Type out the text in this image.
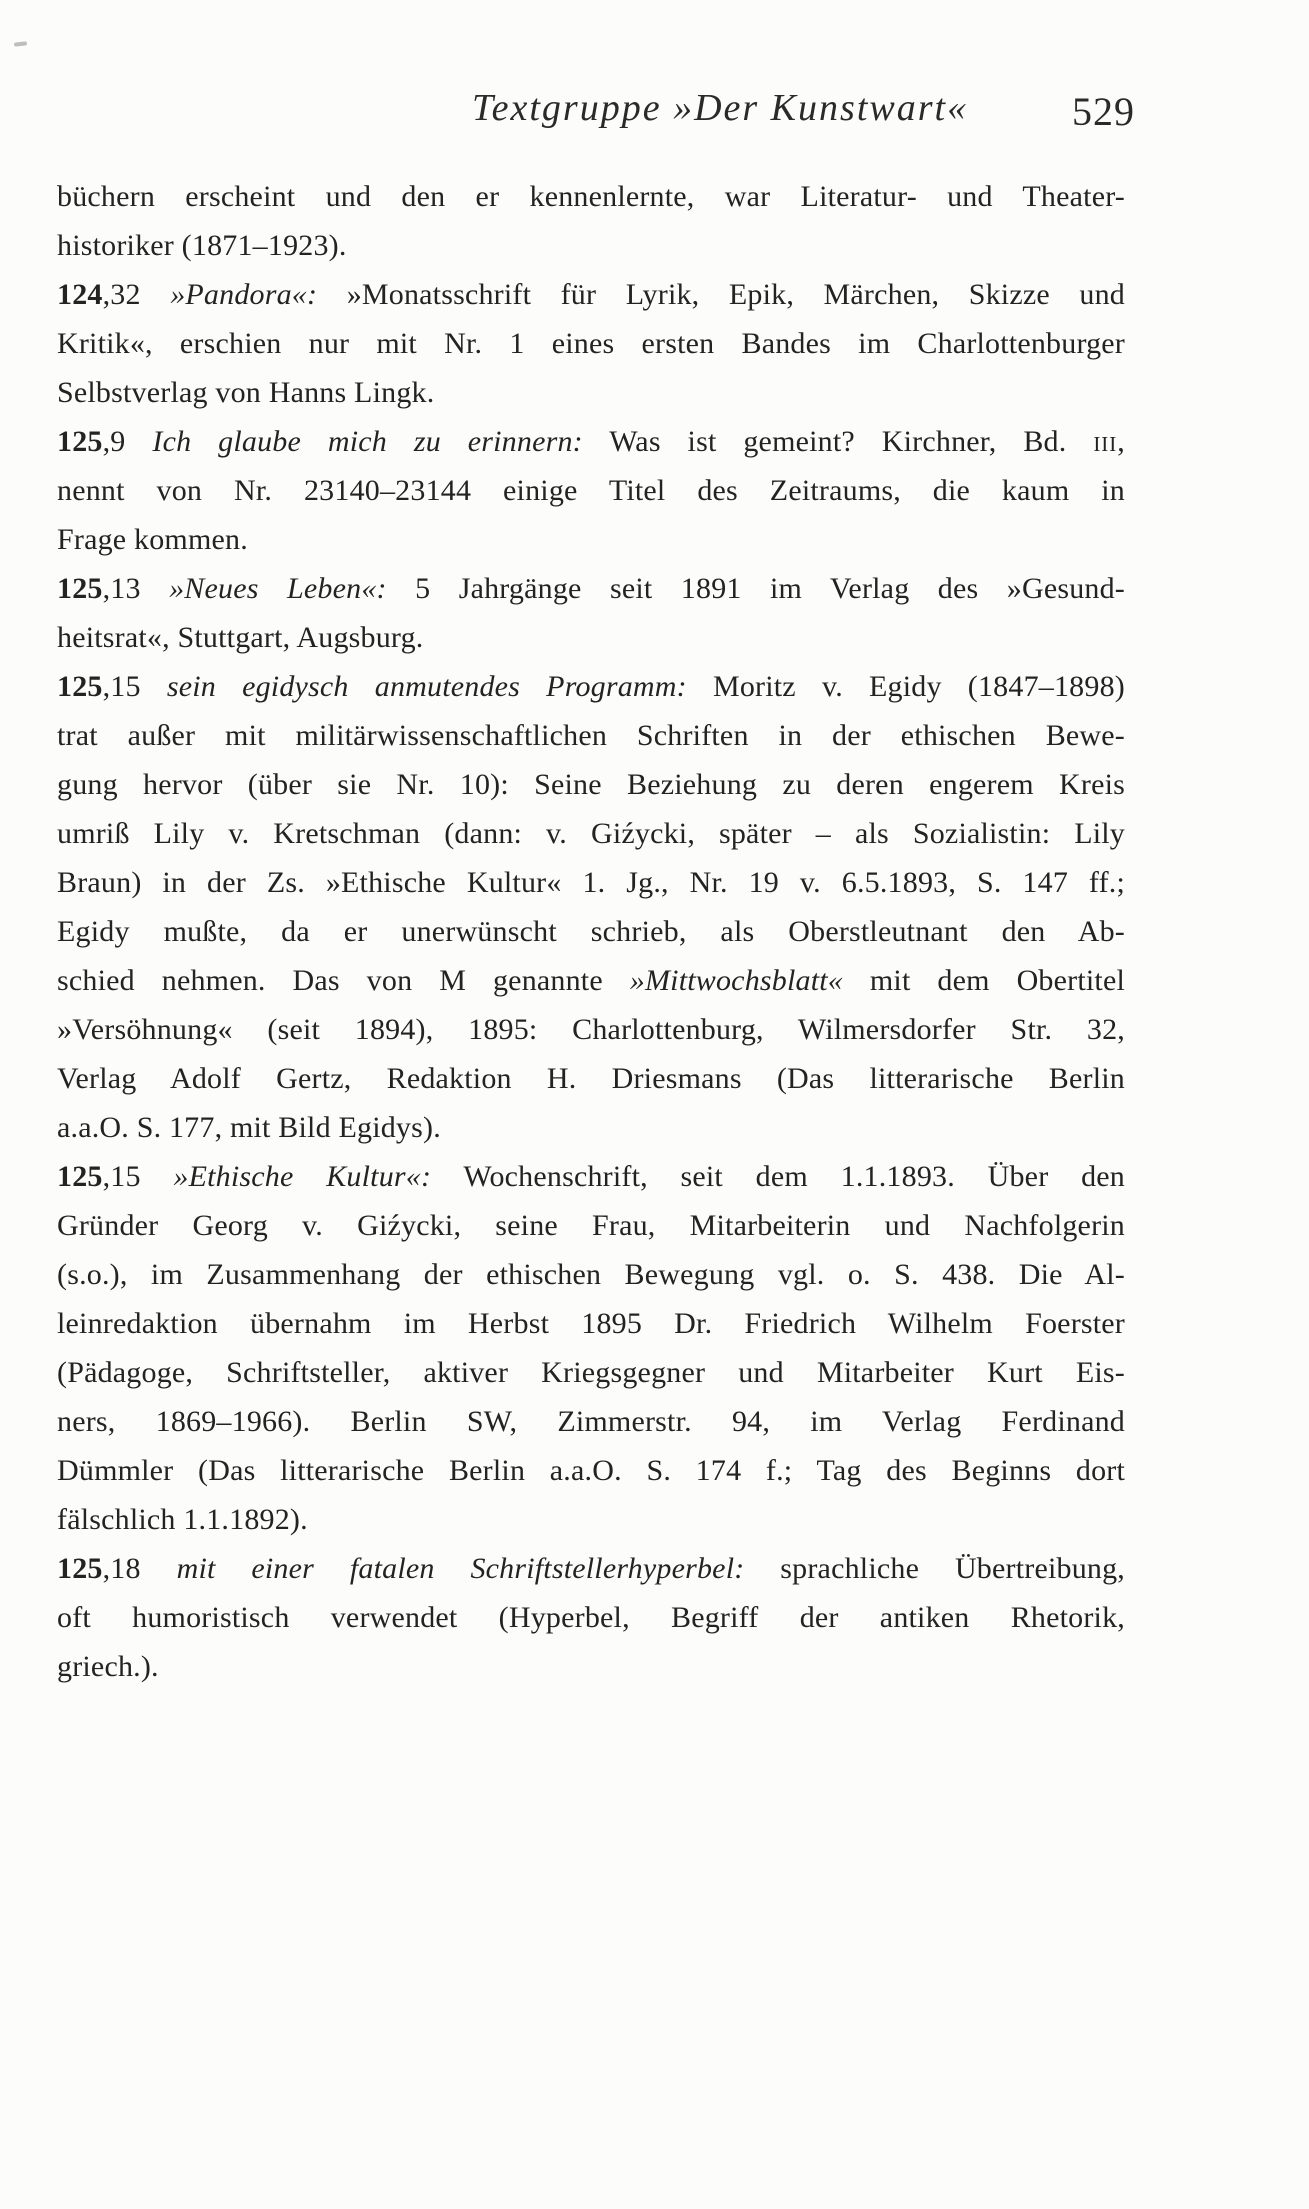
Textgruppe »Der Kunstwart«	529
büchern erscheint und den er kennenlernte, war Literatur- und Theater-
historiker (1871–1923).
124,32 »Pandora«: »Monatsschrift für Lyrik, Epik, Märchen, Skizze und
Kritik«, erschien nur mit Nr. 1 eines ersten Bandes im Charlottenburger
Selbstverlag von Hanns Lingk.
125,9 Ich glaube mich zu erinnern: Was ist gemeint? Kirchner, Bd. iii,
nennt von Nr. 23140–23144 einige Titel des Zeitraums, die kaum in
Frage kommen.
125,13 »Neues Leben«: 5 Jahrgänge seit 1891 im Verlag des »Gesund-
heitsrat«, Stuttgart, Augsburg.
125,15 sein egidysch anmutendes Programm: Moritz v. Egidy (1847–1898)
trat außer mit militärwissenschaftlichen Schriften in der ethischen Bewe-
gung hervor (über sie Nr. 10): Seine Beziehung zu deren engerem Kreis
umriß Lily v. Kretschman (dann: v. Giźycki, später – als Sozialistin: Lily
Braun) in der Zs. »Ethische Kultur« 1. Jg., Nr. 19 v. 6.5.1893, S. 147 ff.;
Egidy mußte, da er unerwünscht schrieb, als Oberstleutnant den Ab-
schied nehmen. Das von M genannte »Mittwochsblatt« mit dem Obertitel
»Versöhnung« (seit 1894), 1895: Charlottenburg, Wilmersdorfer Str. 32,
Verlag Adolf Gertz, Redaktion H. Driesmans (Das litterarische Berlin
a.a.O. S. 177, mit Bild Egidys).
125,15 »Ethische Kultur«: Wochenschrift, seit dem 1.1.1893. Über den
Gründer Georg v. Giźycki, seine Frau, Mitarbeiterin und Nachfolgerin
(s.o.), im Zusammenhang der ethischen Bewegung vgl. o. S. 438. Die Al-
leinredaktion übernahm im Herbst 1895 Dr. Friedrich Wilhelm Foerster
(Pädagoge, Schriftsteller, aktiver Kriegsgegner und Mitarbeiter Kurt Eis-
ners, 1869–1966). Berlin SW, Zimmerstr. 94, im Verlag Ferdinand
Dümmler (Das litterarische Berlin a.a.O. S. 174 f.; Tag des Beginns dort
fälschlich 1.1.1892).
125,18 mit einer fatalen Schriftstellerhyperbel: sprachliche Übertreibung,
oft humoristisch verwendet (Hyperbel, Begriff der antiken Rhetorik,
griech.).
